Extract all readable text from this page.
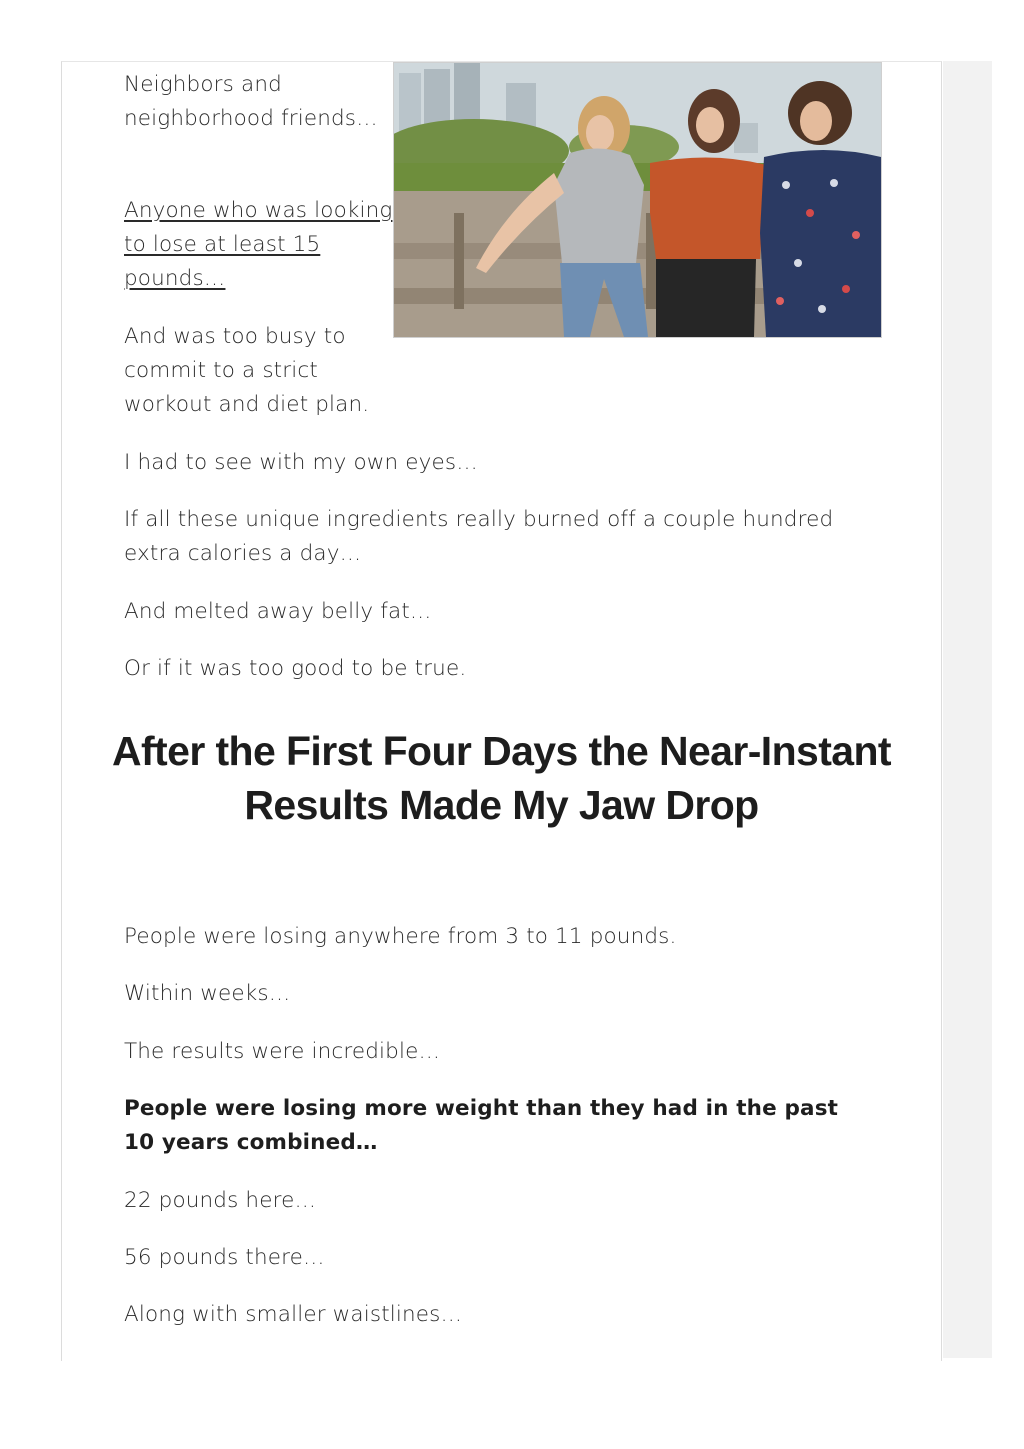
Neighbors and neighborhood friends…

Anyone who was looking to lose at least 15 pounds…

And was too busy to commit to a strict workout and diet plan.

I had to see with my own eyes…

If all these unique ingredients really burned off a couple hundred extra calories a day…

And melted away belly fat…

Or if it was too good to be true.

After the First Four Days the Near-Instant Results Made My Jaw Drop

People were losing anywhere from 3 to 11 pounds.

Within weeks…

The results were incredible…

People were losing more weight than they had in the past 10 years combined…

22 pounds here…

56 pounds there…

Along with smaller waistlines…
